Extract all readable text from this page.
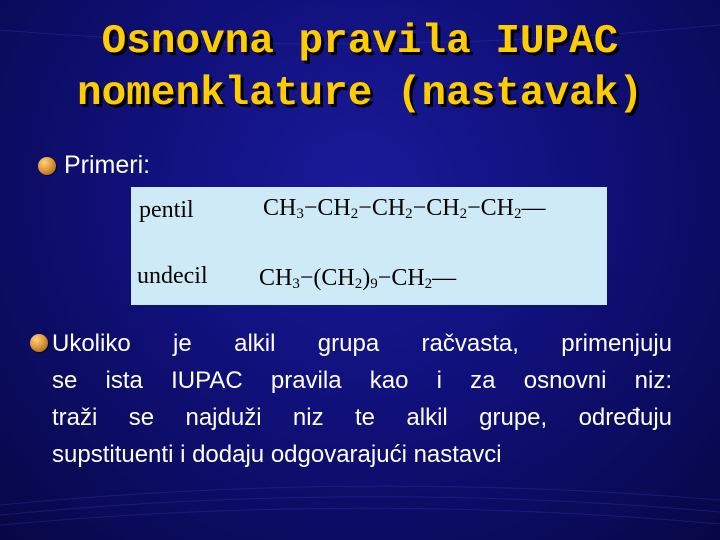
Osnovna pravila IUPAC
nomenklature (nastavak)
Primeri:
pentil	$CH_3-CH_2-CH_2-CH_2-CH_2—$
undecil $CH_3-(CH_2)_9-CH_2—$
Ukoliko je alkil grupa račvasta, primenjuju
se ista IUPAC pravila kao i za osnovni niz:
traži se najduži niz te alkil grupe, određuju
supstituenti i dodaju odgovarajući nastavci
